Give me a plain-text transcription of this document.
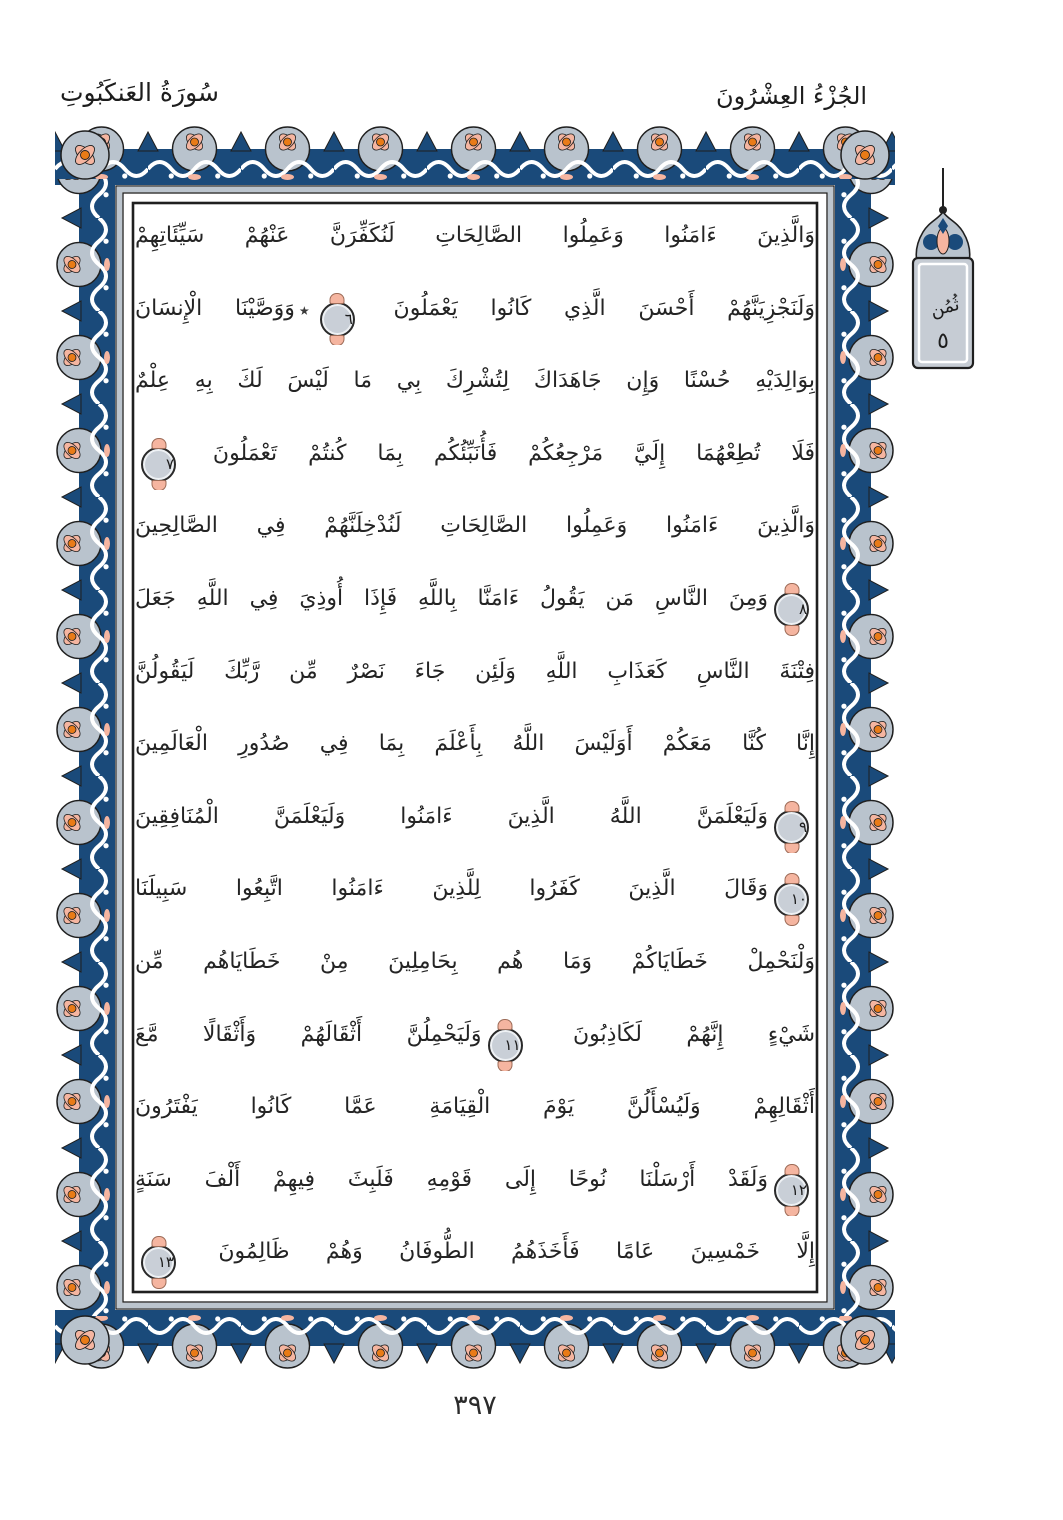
سُورَةُ العَنكَبُوتِ	الجُزْءُ العِشْرُونَ
ثُمُن
٥
وَالَّذِينَ ءَامَنُوا وَعَمِلُوا الصَّالِحَاتِ لَنُكَفِّرَنَّ عَنْهُمْ سَيِّئَاتِهِمْ
وَلَنَجْزِيَنَّهُمْ أَحْسَنَ الَّذِي كَانُوا يَعْمَلُونَ ٦٭وَوَصَّيْنَا الْإِنسَانَ
بِوَالِدَيْهِ حُسْنًا وَإِن جَاهَدَاكَ لِتُشْرِكَ بِي مَا لَيْسَ لَكَ بِهِ عِلْمٌ
فَلَا تُطِعْهُمَا إِلَيَّ مَرْجِعُكُمْ فَأُنَبِّئُكُم بِمَا كُنتُمْ تَعْمَلُونَ ٧
وَالَّذِينَ ءَامَنُوا وَعَمِلُوا الصَّالِحَاتِ لَنُدْخِلَنَّهُمْ فِي الصَّالِحِينَ
٨وَمِنَ النَّاسِ مَن يَقُولُ ءَامَنَّا بِاللَّهِ فَإِذَا أُوذِيَ فِي اللَّهِ جَعَلَ
فِتْنَةَ النَّاسِ كَعَذَابِ اللَّهِ وَلَئِن جَاءَ نَصْرٌ مِّن رَّبِّكَ لَيَقُولُنَّ
إِنَّا كُنَّا مَعَكُمْ أَوَلَيْسَ اللَّهُ بِأَعْلَمَ بِمَا فِي صُدُورِ الْعَالَمِينَ
٩وَلَيَعْلَمَنَّ اللَّهُ الَّذِينَ ءَامَنُوا وَلَيَعْلَمَنَّ الْمُنَافِقِينَ
١٠وَقَالَ الَّذِينَ كَفَرُوا لِلَّذِينَ ءَامَنُوا اتَّبِعُوا سَبِيلَنَا
وَلْنَحْمِلْ خَطَايَاكُمْ وَمَا هُم بِحَامِلِينَ مِنْ خَطَايَاهُم مِّن
شَيْءٍ إِنَّهُمْ لَكَاذِبُونَ ١١وَلَيَحْمِلُنَّ أَثْقَالَهُمْ وَأَثْقَالًا مَّعَ
أَثْقَالِهِمْ وَلَيُسْأَلُنَّ يَوْمَ الْقِيَامَةِ عَمَّا كَانُوا يَفْتَرُونَ
١٢وَلَقَدْ أَرْسَلْنَا نُوحًا إِلَى قَوْمِهِ فَلَبِثَ فِيهِمْ أَلْفَ سَنَةٍ
إِلَّا خَمْسِينَ عَامًا فَأَخَذَهُمُ الطُّوفَانُ وَهُمْ ظَالِمُونَ ١٣
٣٩٧
